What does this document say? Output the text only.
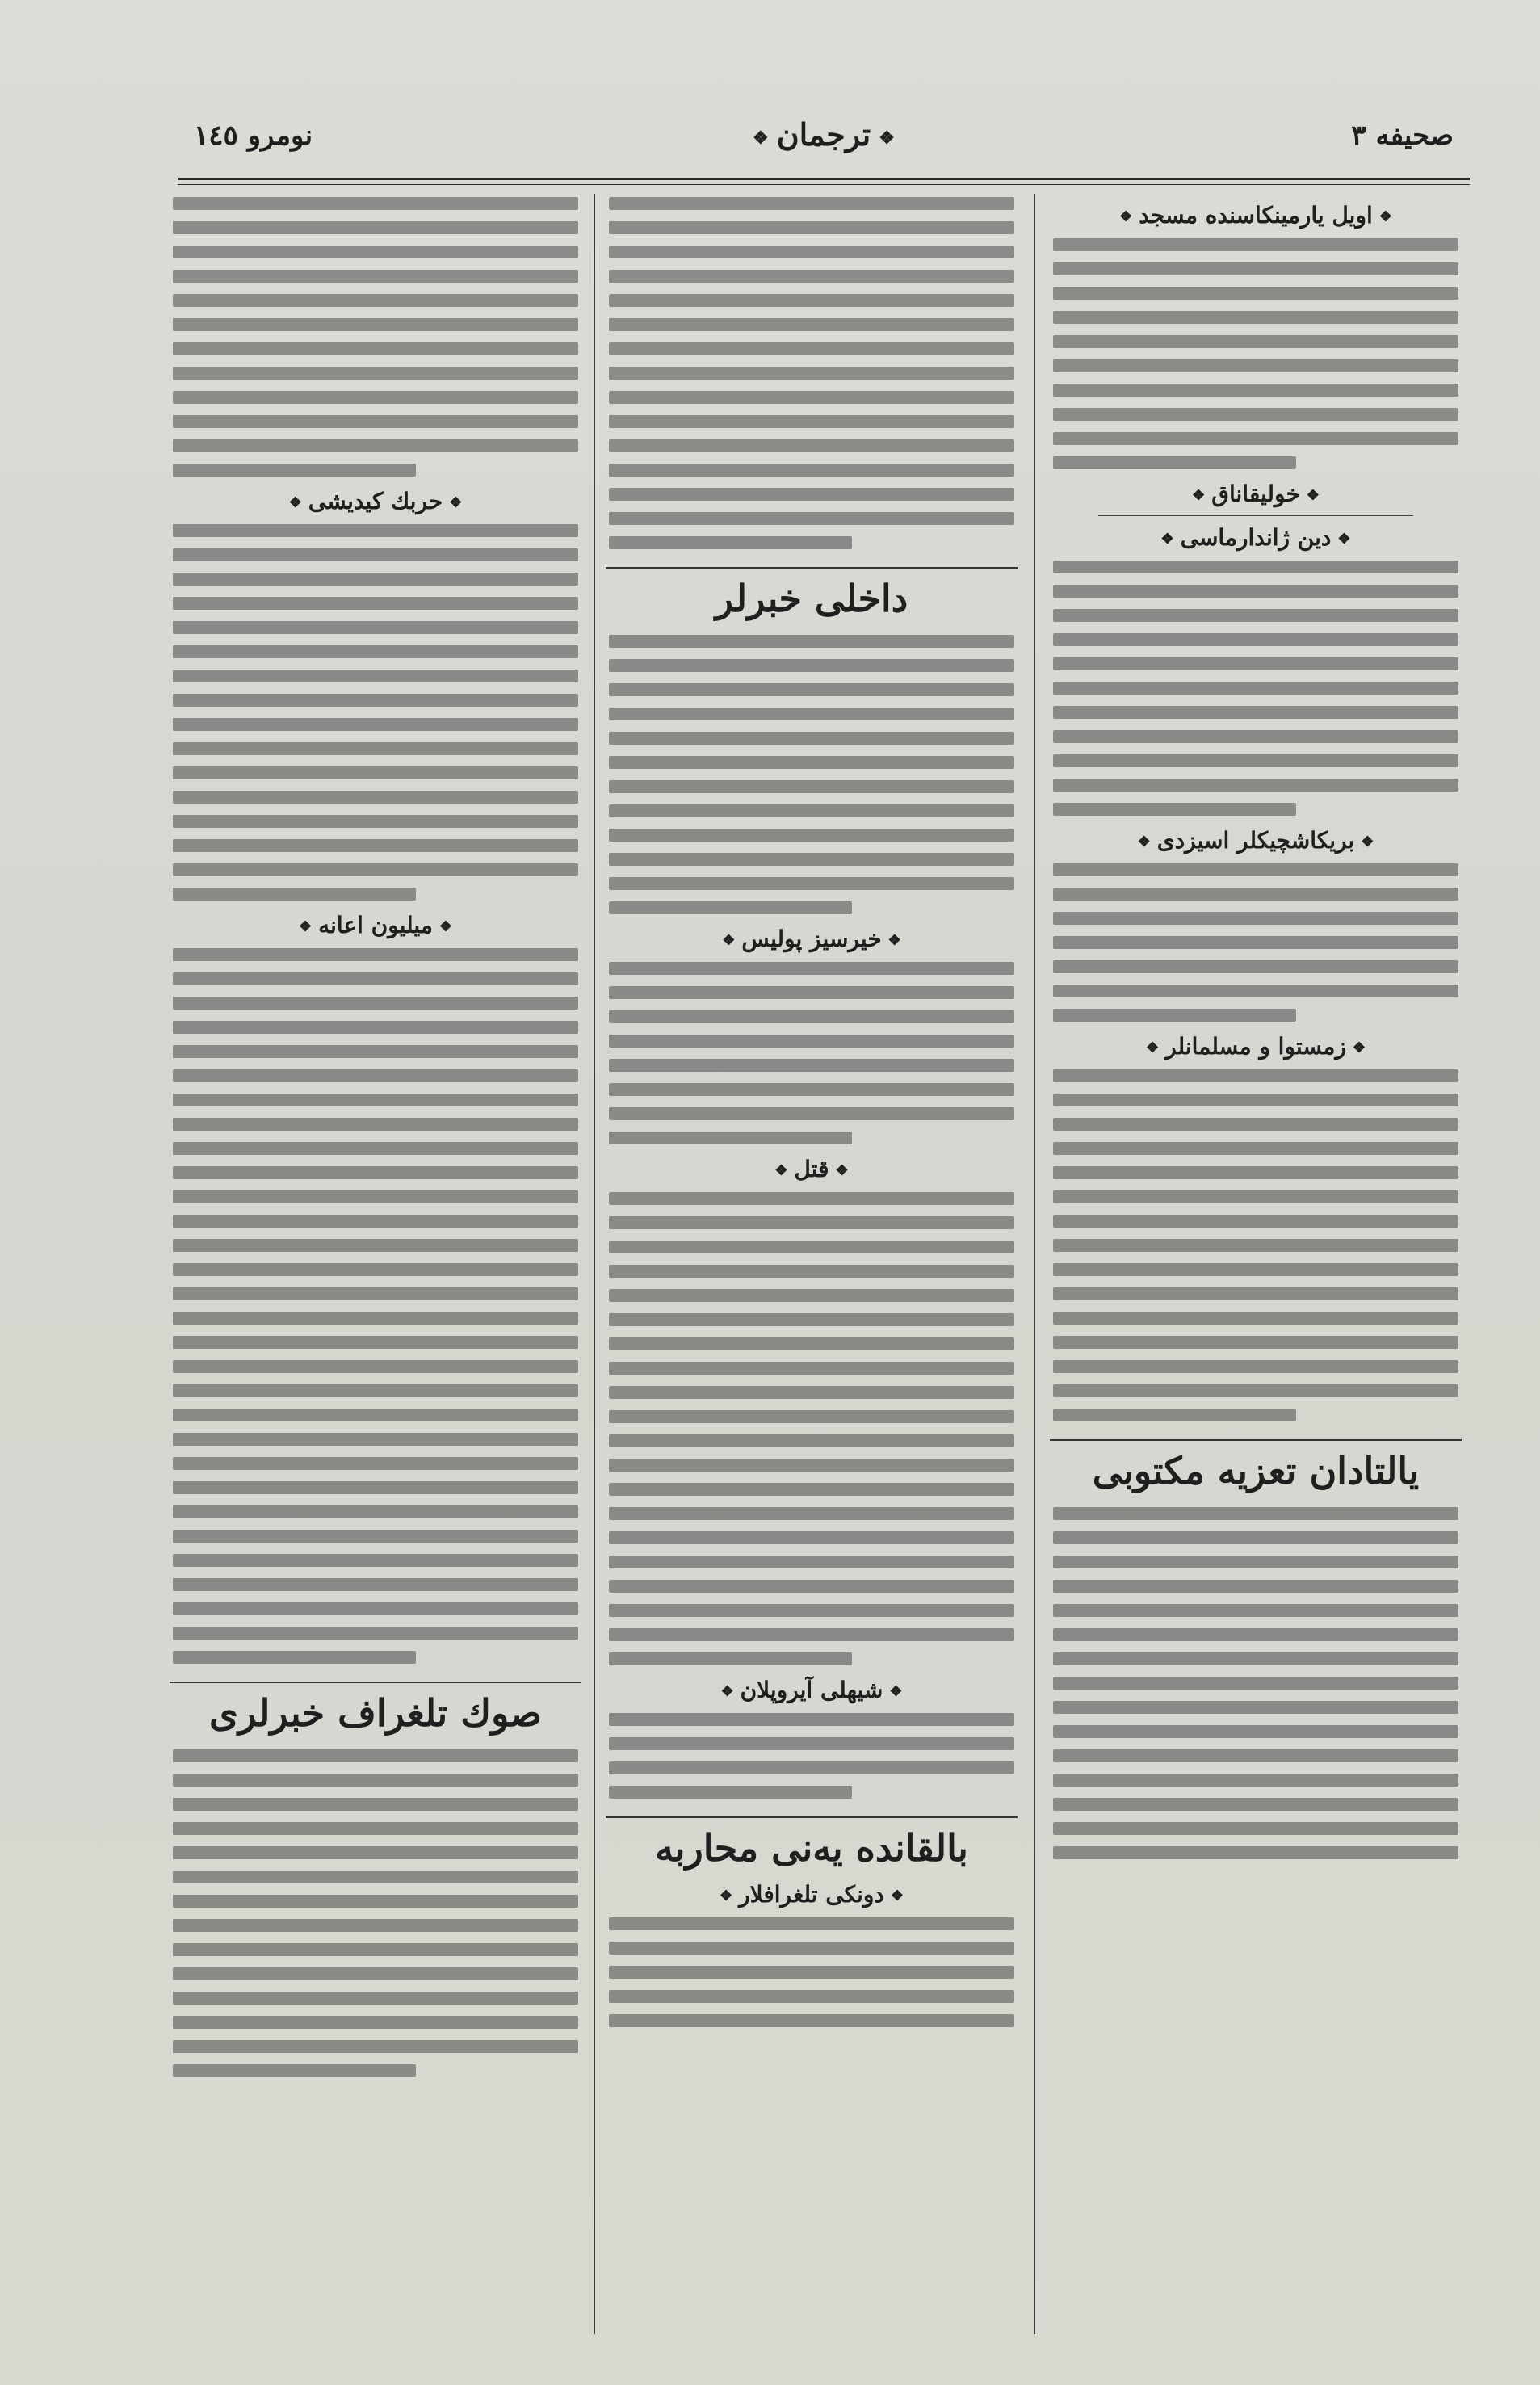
صحیفه ٣
❖ ترجمان ❖
نومرو ١٤٥
❖ اویل یارمینکاسنده مسجد ❖
❖ خولیقاناق ❖
❖ دین ژاندارماسی ❖
❖ بریکاشچیکلر اسیزدی ❖
❖ زمستوا و مسلمانلر ❖
یالتادان تعزیه مکتوبی
داخلی خبرلر
❖ خیرسیز پولیس ❖
❖ قتل ❖
❖ شیهلی آیروپلان ❖
بالقانده یه‌نی محاربه
❖ دونکی تلغرافلار ❖
❖ حربك کیدیشی ❖
❖ میلیون اعانه ❖
صوك تلغراف خبرلری
